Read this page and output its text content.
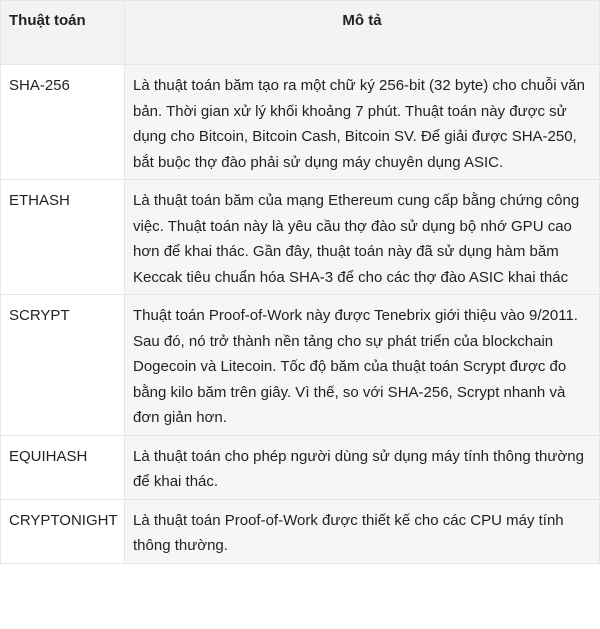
Thuật toán	Mô tả
SHA-256	Là thuật toán băm tạo ra một chữ ký 256-bit (32 byte) cho chuỗi văn bản. Thời gian xử lý khối khoảng 7 phút. Thuật toán này được sử dụng cho Bitcoin, Bitcoin Cash, Bitcoin SV. Để giải được SHA-250, bắt buộc thợ đào phải sử dụng máy chuyên dụng ASIC.
ETHASH	Là thuật toán băm của mạng Ethereum cung cấp bằng chứng công việc. Thuật toán này là yêu cầu thợ đào sử dụng bộ nhớ GPU cao hơn để khai thác. Gần đây, thuật toán này đã sử dụng hàm băm Keccak tiêu chuẩn hóa SHA-3 để cho các thợ đào ASIC khai thác
SCRYPT	Thuật toán Proof-of-Work này được Tenebrix giới thiệu vào 9/2011. Sau đó, nó trở thành nền tảng cho sự phát triển của blockchain Dogecoin và Litecoin. Tốc độ băm của thuật toán Scrypt được đo bằng kilo băm trên giây. Vì thế, so với SHA-256, Scrypt nhanh và đơn giản hơn.
EQUIHASH	Là thuật toán cho phép người dùng sử dụng máy tính thông thường để khai thác.
CRYPTONIGHT	Là thuật toán Proof-of-Work được thiết kế cho các CPU máy tính thông thường.
